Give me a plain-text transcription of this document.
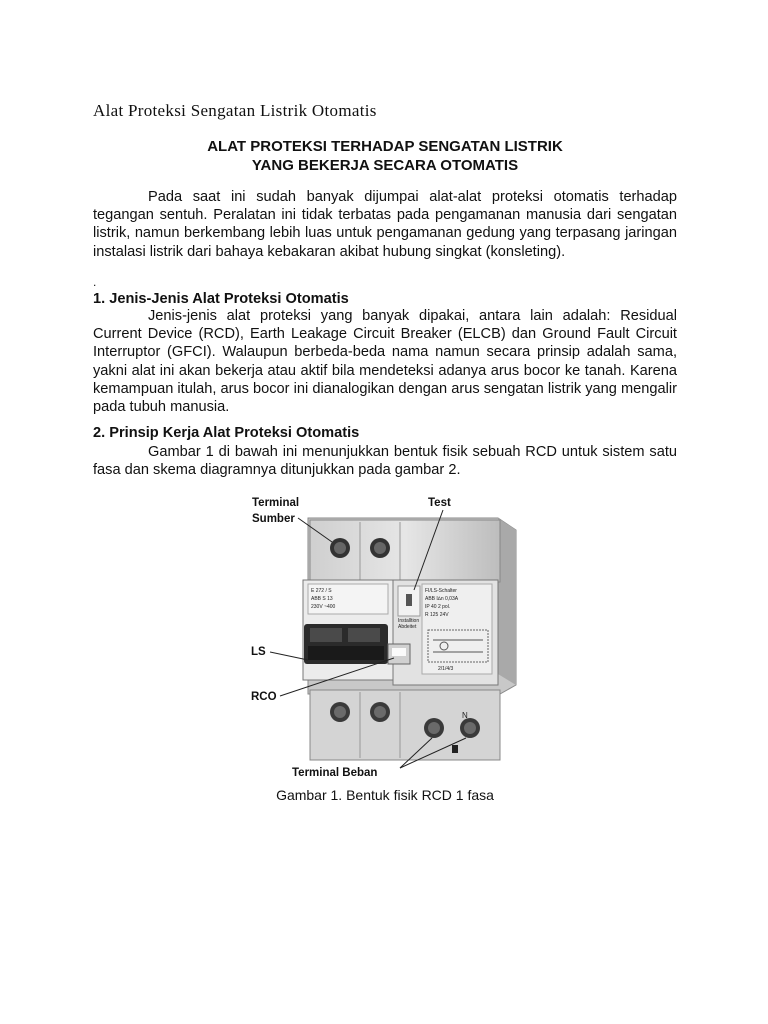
Alat Proteksi Sengatan Listrik Otomatis
ALAT PROTEKSI TERHADAP SENGATAN LISTRIK
YANG BEKERJA SECARA OTOMATIS

Pada saat ini sudah banyak dijumpai alat-alat proteksi otomatis terhadap tegangan sentuh. Peralatan ini tidak terbatas pada pengamanan manusia dari sengatan listrik, namun berkembang lebih luas untuk pengamanan gedung yang terpasang jaringan instalasi listrik dari bahaya kebakaran akibat hubung singkat (konsleting).

.
1. Jenis-Jenis Alat Proteksi Otomatis

Jenis-jenis alat proteksi yang banyak dipakai, antara lain adalah: Residual Current Device (RCD), Earth Leakage Circuit Breaker (ELCB) dan Ground Fault Circuit Interruptor (GFCI). Walaupun berbeda-beda nama namun secara prinsip adalah sama, yakni alat ini akan bekerja atau aktif bila mendeteksi adanya arus bocor ke tanah. Karena kemampuan itulah, arus bocor ini dianalogikan dengan arus sengatan listrik yang mengalir pada tubuh manusia.

2. Prinsip Kerja Alat Proteksi Otomatis

Gambar 1 di bawah ini menunjukkan bentuk fisik sebuah RCD untuk sistem satu fasa dan skema diagramnya ditunjukkan pada gambar 2.

E 272 / S
ABB S 13
230V ~400
Installtion
Abdeitet
FI/LS-Schalter
ABB I∆n 0,03A
IP 40 2 pol.
R 125 24V
2/1/4/3
Terminal
Sumber
Test
LS
RCO
Terminal Beban
N

Gambar 1. Bentuk fisik RCD 1 fasa
